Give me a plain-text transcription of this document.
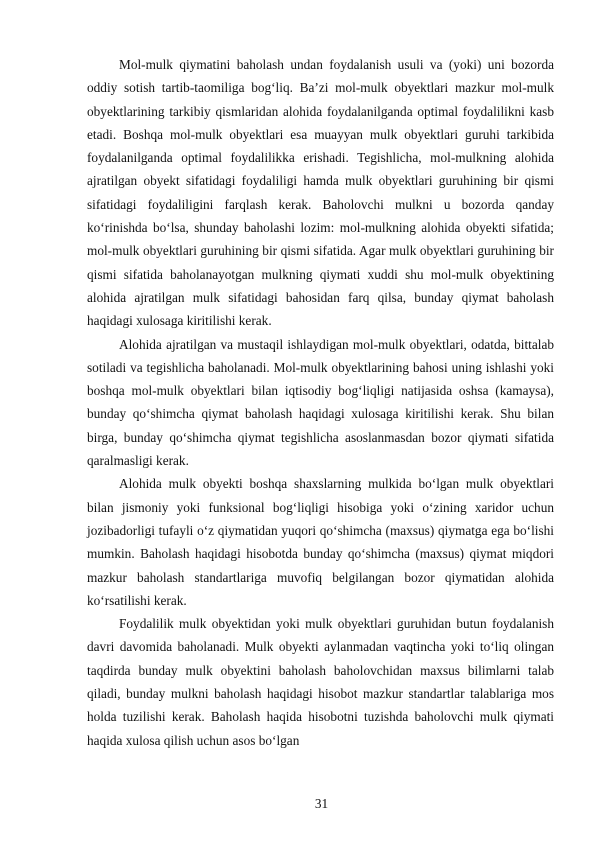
Mol-mulk qiymatini baholash undan foydalanish usuli va (yoki) uni bozorda oddiy sotish tartib-taomiliga bog‘liq. Ba’zi mol-mulk obyektlari mazkur mol-mulk obyektlarining tarkibiy qismlaridan alohida foydalanilganda optimal foydalilikni kasb etadi. Boshqa mol-mulk obyektlari esa muayyan mulk obyektlari guruhi tarkibida foydalanilganda optimal foydalilikka erishadi. Tegishlicha, mol-mulkning alohida ajratilgan obyekt sifatidagi foydaliligi hamda mulk obyektlari guruhining bir qismi sifatidagi foydaliligini farqlash kerak. Baholovchi mulkni u bozorda qanday ko‘rinishda bo‘lsa, shunday baholashi lozim: mol-mulkning alohida obyekti sifatida; mol-mulk obyektlari guruhining bir qismi sifatida. Agar mulk obyektlari guruhining bir qismi sifatida baholanayotgan mulkning qiymati xuddi shu mol-mulk obyektining alohida ajratilgan mulk sifatidagi bahosidan farq qilsa, bunday qiymat baholash haqidagi xulosaga kiritilishi kerak.

Alohida ajratilgan va mustaqil ishlaydigan mol-mulk obyektlari, odatda, bittalab sotiladi va tegishlicha baholanadi. Mol-mulk obyektlarining bahosi uning ishlashi yoki boshqa mol-mulk obyektlari bilan iqtisodiy bog‘liqligi natijasida oshsa (kamaysa), bunday qo‘shimcha qiymat baholash haqidagi xulosaga kiritilishi kerak. Shu bilan birga, bunday qo‘shimcha qiymat tegishlicha asoslanmasdan bozor qiymati sifatida qaralmasligi kerak.

Alohida mulk obyekti boshqa shaxslarning mulkida bo‘lgan mulk obyektlari bilan jismoniy yoki funksional bog‘liqligi hisobiga yoki o‘zining xaridor uchun jozibadorligi tufayli o‘z qiymatidan yuqori qo‘shimcha (maxsus) qiymatga ega bo‘lishi mumkin. Baholash haqidagi hisobotda bunday qo‘shimcha (maxsus) qiymat miqdori mazkur baholash standartlariga muvofiq belgilangan bozor qiymatidan alohida ko‘rsatilishi kerak.

Foydalilik mulk obyektidan yoki mulk obyektlari guruhidan butun foydalanish davri davomida baholanadi. Mulk obyekti aylanmadan vaqtincha yoki to‘liq olingan taqdirda bunday mulk obyektini baholash baholovchidan maxsus bilimlarni talab qiladi, bunday mulkni baholash haqidagi hisobot mazkur standartlar talablariga mos holda tuzilishi kerak. Baholash haqida hisobotni tuzishda baholovchi mulk qiymati haqida xulosa qilish uchun asos bo‘lgan

31
